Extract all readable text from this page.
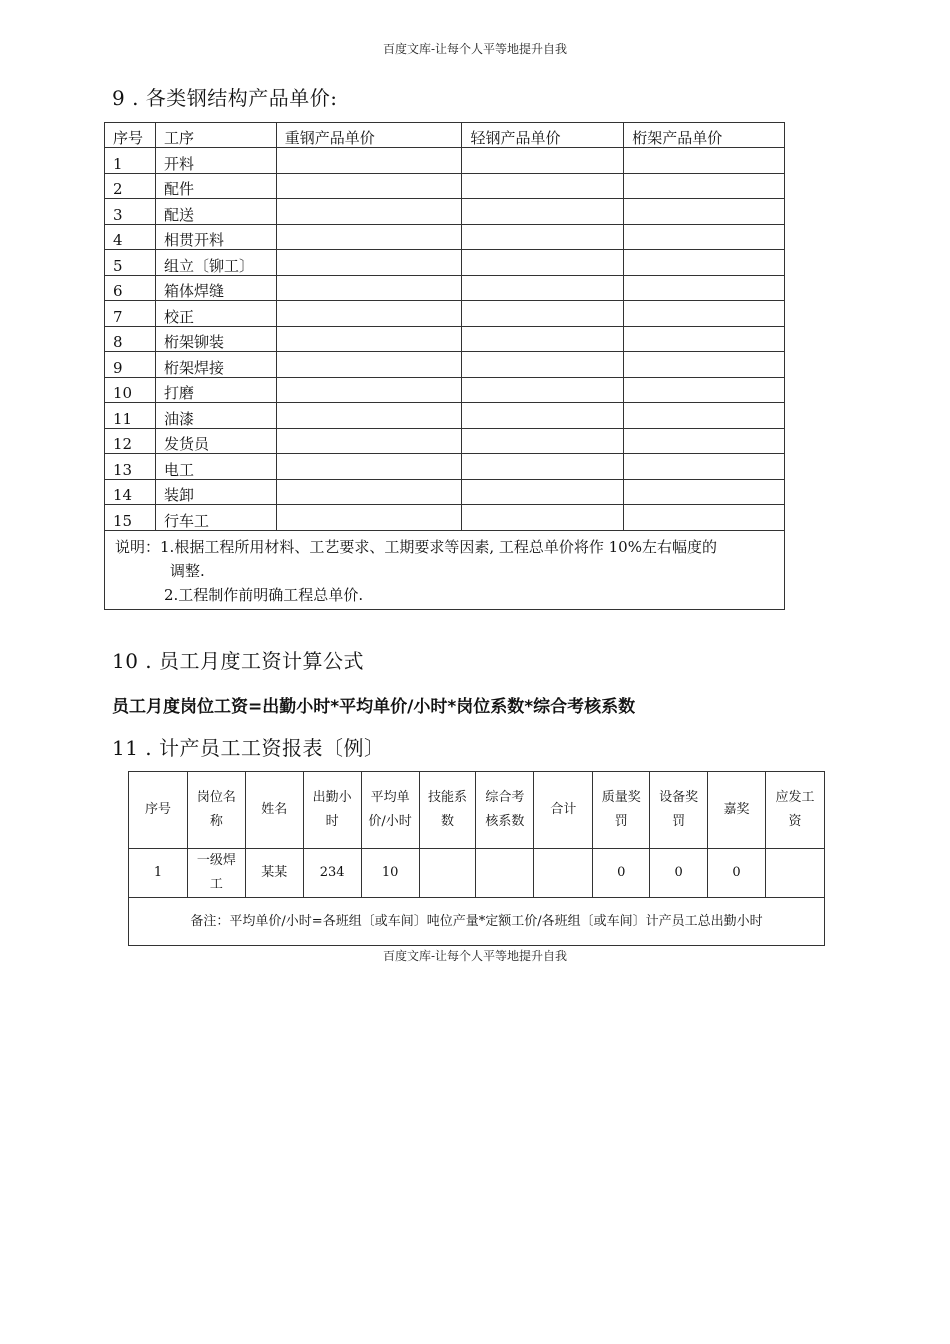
百度文库-让每个人平等地提升自我
9 . 各类钢结构产品单价:
序号	工序	重钢产品单价	轻钢产品单价	桁架产品单价
1	开料			
2	配件			
3	配送			
4	相贯开料			
5	组立〔铆工〕			
6	箱体焊缝			
7	校正			
8	桁架铆装			
9	桁架焊接			
10	打磨			
11	油漆			
12	发货员			
13	电工			
14	装卸			
15	行车工			

说明： 1.根据工程所用材料、工艺要求、工期要求等因素, 工程总单价将作 10%左右幅度的
调整.
2.工程制作前明确工程总单价.				
10 . 员工月度工资计算公式
员工月度岗位工资=出勤小时*平均单价/小时*岗位系数*综合考核系数
11 . 计产员工工资报表〔例〕
序号	岗位名称	姓名	出勤小时	平均单价/小时	技能系数	综合考核系数	合计	质量奖罚	设备奖罚	嘉奖	应发工资
1	一级焊工	某某	234	10				0	0	0	
备注：平均单价/小时=各班组〔或车间〕吨位产量*定额工价/各班组〔或车间〕计产员工总出勤小时											
百度文库-让每个人平等地提升自我
